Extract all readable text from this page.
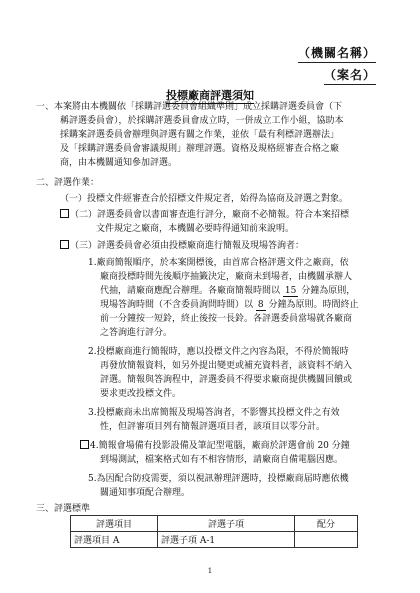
（機關名稱）
（案名）
投標廠商評選須知
一、本案將由本機關依「採購評選委員會組織準則」成立採購評選委員會（下
稱評選委員會），於採購評選委員會成立時，一併成立工作小組，協助本
採購案評選委員會辦理與評選有關之作業，並依「最有利標評選辦法」
及「採購評選委員會審議規則」辦理評選。資格及規格經審查合格之廠
商，由本機關通知參加評選。
二、評選作業：
（一）投標文件經審查合於招標文件規定者，始得為協商及評選之對象。
（二）評選委員會以書面審查進行評分，廠商不必簡報。符合本案招標
文件規定之廠商，本機關必要時得通知前來說明。
（三）評選委員會必須由投標廠商進行簡報及現場答詢者：
1.廠商簡報順序，於本案開標後，由首席合格評選文件之廠商，依
廠商投標時間先後順序抽籤決定，廠商未到場者，由機關承辦人
代抽，請廠商應配合辦理。各廠商簡報時間以 15 分鐘為原則，
現場答詢時間（不含委員詢問時間）以 8 分鐘為原則。時間終止
前一分鐘按一短鈴，終止後按一長鈴。各評選委員當場就各廠商
之答詢進行評分。
2.投標廠商進行簡報時，應以投標文件之內容為限，不得於簡報時
再發放簡報資料，如另外提出變更或補充資料者，該資料不納入
評選。簡報與答詢程中，評選委員不得要求廠商提供機關回饋或
要求更改投標文件。
3.投標廠商未出席簡報及現場答詢者，不影響其投標文件之有效
性，但評審項目列有簡報評選項目者，該項目以零分計。
4.簡報會場備有投影設備及筆記型電腦，廠商於評選會前 20 分鐘
到場測試，檔案格式如有不相容情形，請廠商自備電腦因應。
5.為因配合防疫需要，須以視訊辦理評選時，投標廠商届時應依機
關通知事項配合辦理。
三、評選標準
評選項目	評選子項	配分
評選項目 A	評選子項 A-1	
1
